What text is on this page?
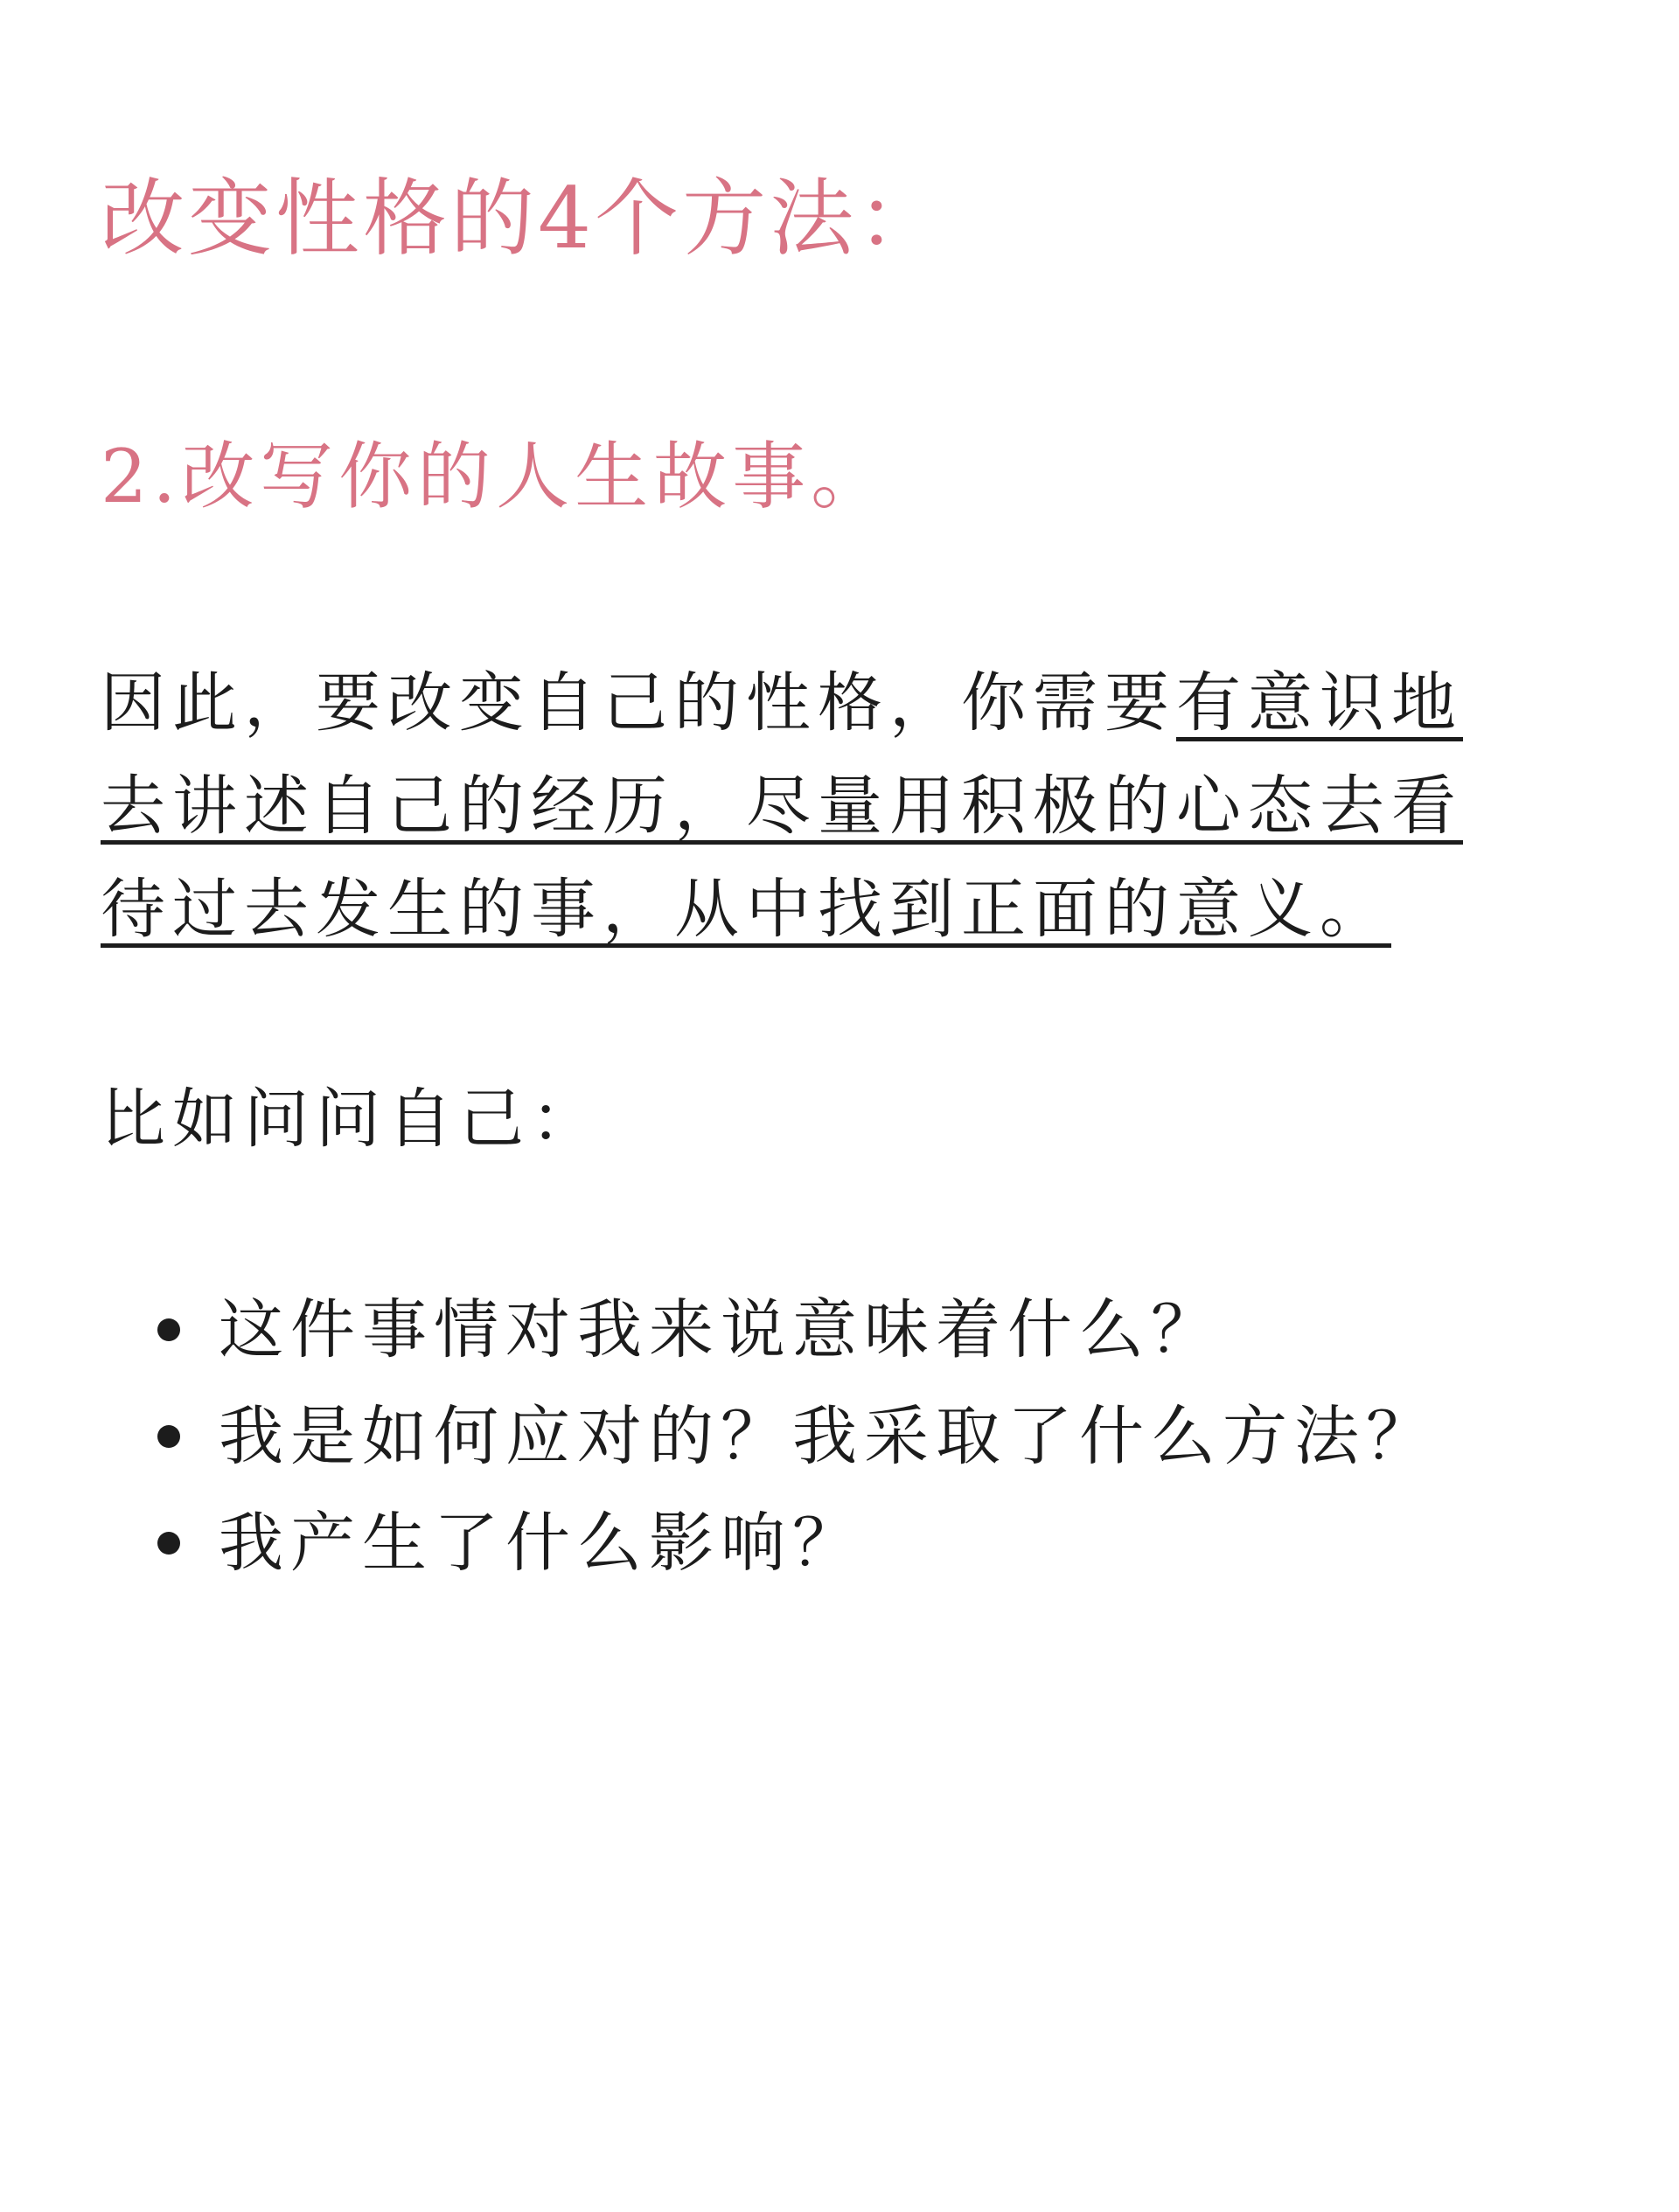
改变性格的4个方法：
2.改写你的人生故事。

因此，要改变自己的性格，你需要有意识地
去讲述自己的经历，尽量用积极的心态去看
待过去发生的事，从中找到正面的意义。

比如问问自己：

这件事情对我来说意味着什么？
我是如何应对的？我采取了什么方法？
我产生了什么影响？
